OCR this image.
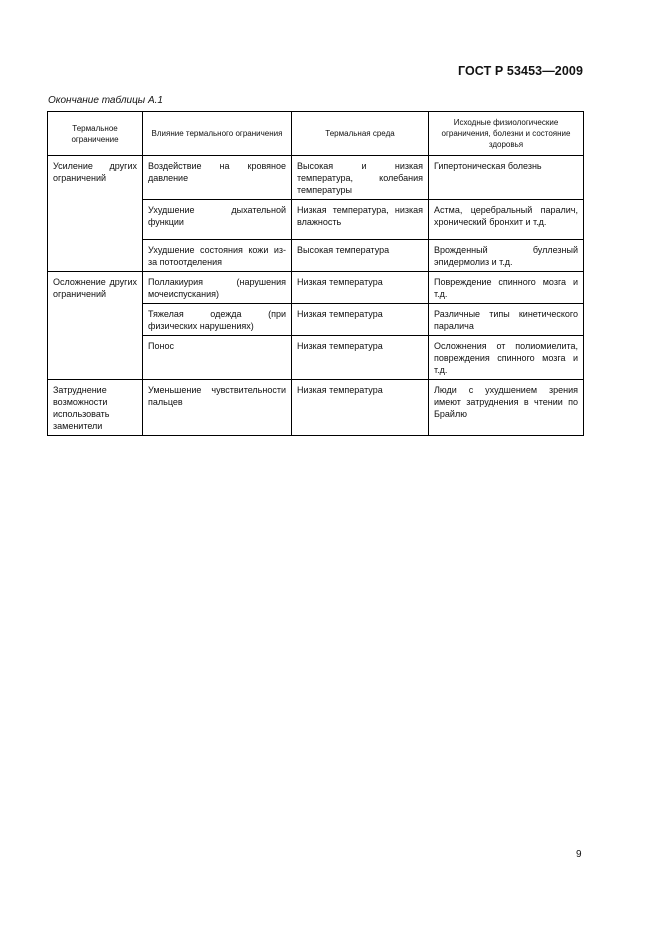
ГОСТ Р 53453—2009
Окончание таблицы А.1
Термальное ограничение	Влияние термального ограничения	Термальная среда	Исходные физиологические ограничения, болезни и состояние здоровья
Усиление других ограничений	Воздействие на кровяное давление	Высокая и низкая температура, колебания температуры	Гипертоническая болезнь
	Ухудшение дыхательной функции	Низкая температура, низкая влажность	Астма, церебральный паралич, хронический бронхит и т.д.
	Ухудшение состояния кожи из-за потоотделения	Высокая температура	Врожденный буллезный эпидермолиз и т.д.
Осложнение других ограничений	Поллакиурия (нарушения мочеиспускания)	Низкая температура	Повреждение спинного мозга и т.д.
	Тяжелая одежда (при физических нарушениях)	Низкая температура	Различные типы кинетического паралича
	Понос	Низкая температура	Осложнения от полиомиелита, повреждения спинного мозга и т.д.
Затруднение возможности использовать заменители	Уменьшение чувствительности пальцев	Низкая температура	Люди с ухудшением зрения имеют затруднения в чтении по Брайлю
9
